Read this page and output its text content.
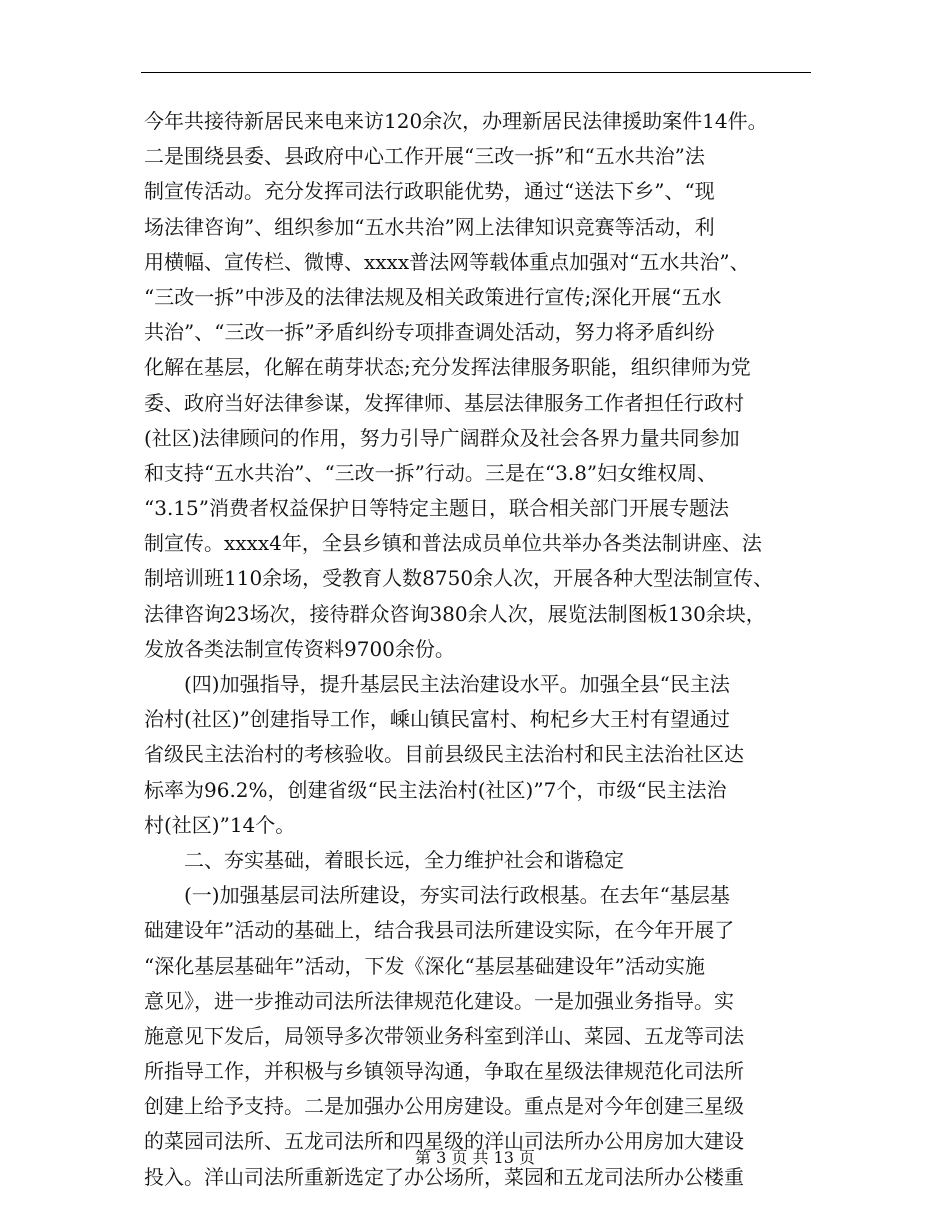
今年共接待新居民来电来访120余次，办理新居民法律援助案件14件。
二是围绕县委、县政府中心工作开展“三改一拆”和“五水共治”法
制宣传活动。充分发挥司法行政职能优势，通过“送法下乡”、“现
场法律咨询”、组织参加“五水共治”网上法律知识竞赛等活动，利
用横幅、宣传栏、微博、xxxx普法网等载体重点加强对“五水共治”、
“三改一拆”中涉及的法律法规及相关政策进行宣传;深化开展“五水
共治”、“三改一拆”矛盾纠纷专项排查调处活动，努力将矛盾纠纷
化解在基层，化解在萌芽状态;充分发挥法律服务职能，组织律师为党
委、政府当好法律参谋，发挥律师、基层法律服务工作者担任行政村
(社区)法律顾问的作用，努力引导广阔群众及社会各界力量共同参加
和支持“五水共治”、“三改一拆”行动。三是在“3.8”妇女维权周、
“3.15”消费者权益保护日等特定主题日，联合相关部门开展专题法
制宣传。xxxx4年，全县乡镇和普法成员单位共举办各类法制讲座、法
制培训班110余场，受教育人数8750余人次，开展各种大型法制宣传、
法律咨询23场次，接待群众咨询380余人次，展览法制图板130余块，
发放各类法制宣传资料9700余份。
(四)加强指导，提升基层民主法治建设水平。加强全县“民主法
治村(社区)”创建指导工作，嵊山镇民富村、枸杞乡大王村有望通过
省级民主法治村的考核验收。目前县级民主法治村和民主法治社区达
标率为96.2%，创建省级“民主法治村(社区)”7个，市级“民主法治
村(社区)”14个。
二、夯实基础，着眼长远，全力维护社会和谐稳定
(一)加强基层司法所建设，夯实司法行政根基。在去年“基层基
础建设年”活动的基础上，结合我县司法所建设实际，在今年开展了
“深化基层基础年”活动，下发《深化“基层基础建设年”活动实施
意见》，进一步推动司法所法律规范化建设。一是加强业务指导。实
施意见下发后，局领导多次带领业务科室到洋山、菜园、五龙等司法
所指导工作，并积极与乡镇领导沟通，争取在星级法律规范化司法所
创建上给予支持。二是加强办公用房建设。重点是对今年创建三星级
的菜园司法所、五龙司法所和四星级的洋山司法所办公用房加大建设
投入。洋山司法所重新选定了办公场所，菜园和五龙司法所办公楼重
第 3 页 共 13 页
